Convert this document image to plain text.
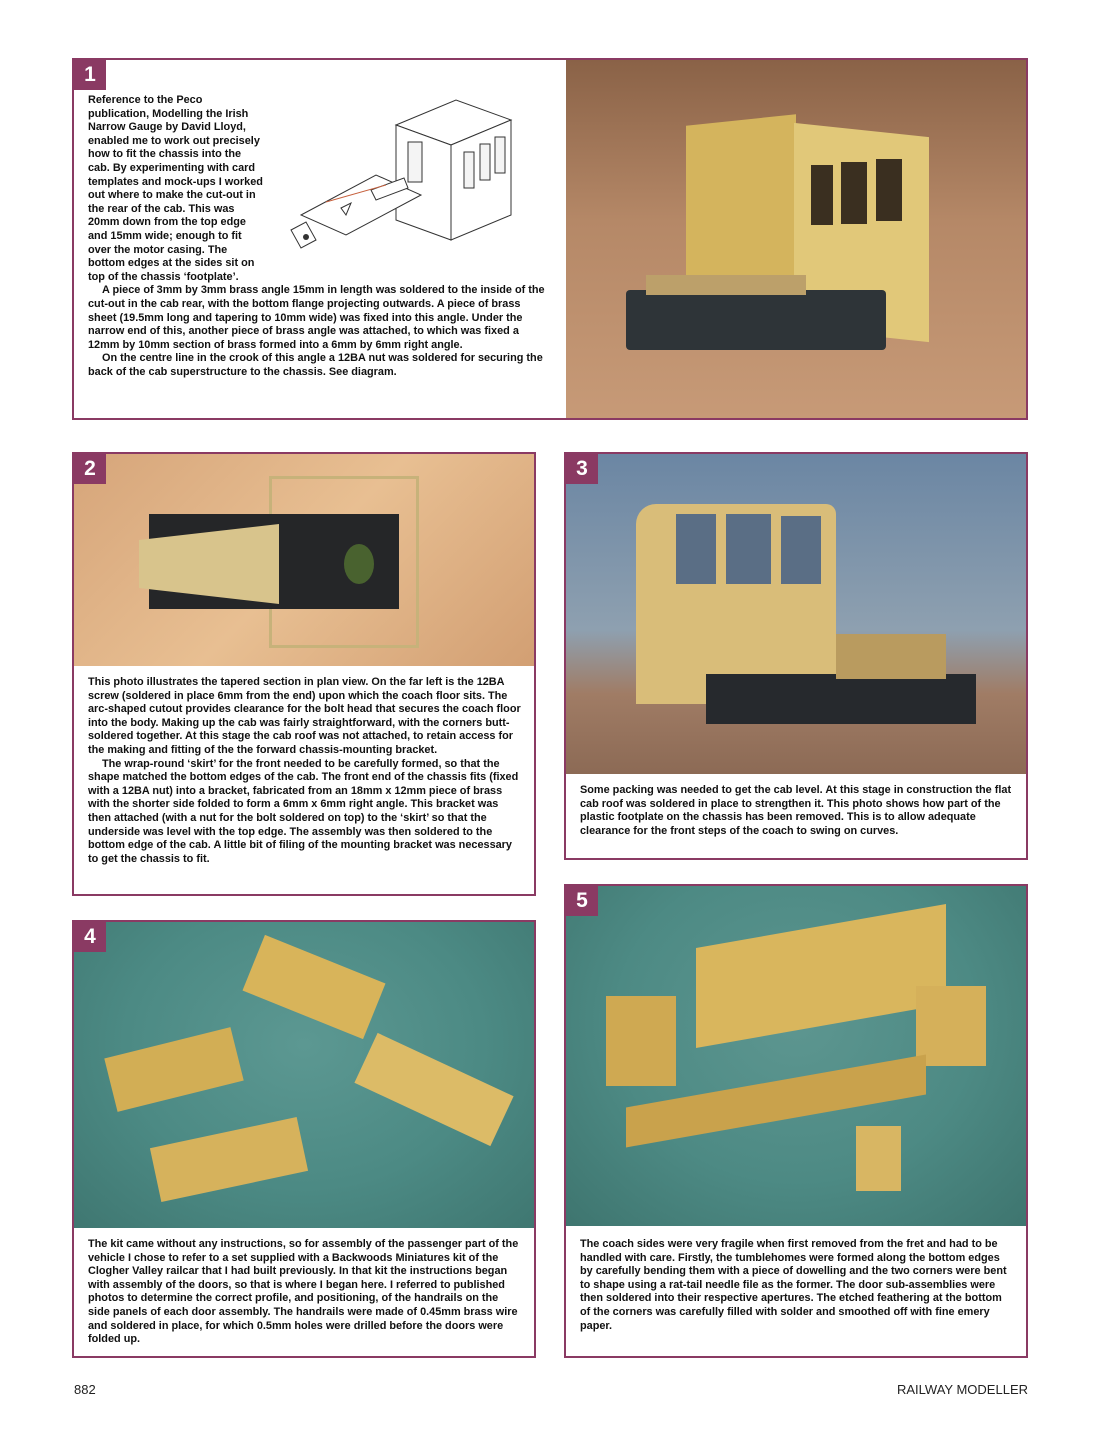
1

Reference to the Peco publication, Modelling the Irish Narrow Gauge by David Lloyd, enabled me to work out precisely how to fit the chassis into the cab. By experimenting with card templates and mock-ups I worked out where to make the cut-out in the rear of the cab. This was 20mm down from the top edge and 15mm wide; enough to fit over the motor casing. The bottom edges at the sides sit on top of the chassis ‘footplate’.

A piece of 3mm by 3mm brass angle 15mm in length was soldered to the inside of the cut-out in the cab rear, with the bottom flange projecting outwards. A piece of brass sheet (19.5mm long and tapering to 10mm wide) was fixed into this angle. Under the narrow end of this, another piece of brass angle was attached, to which was fixed a 12mm by 10mm section of brass formed into a 6mm by 6mm right angle.

On the centre line in the crook of this angle a 12BA nut was soldered for securing the back of the cab superstructure to the chassis. See diagram.

2

This photo illustrates the tapered section in plan view. On the far left is the 12BA screw (soldered in place 6mm from the end) upon which the coach floor sits. The arc-shaped cutout provides clearance for the bolt head that secures the coach floor into the body. Making up the cab was fairly straightforward, with the corners butt-soldered together. At this stage the cab roof was not attached, to retain access for the making and fitting of the the forward chassis-mounting bracket.

The wrap-round ‘skirt’ for the front needed to be carefully formed, so that the shape matched the bottom edges of the cab. The front end of the chassis fits (fixed with a 12BA nut) into a bracket, fabricated from an 18mm x 12mm piece of brass with the shorter side folded to form a 6mm x 6mm right angle. This bracket was then attached (with a nut for the bolt soldered on top) to the ‘skirt’ so that the underside was level with the top edge. The assembly was then soldered to the bottom edge of the cab. A little bit of filing of the mounting bracket was necessary to get the chassis to fit.

3

Some packing was needed to get the cab level. At this stage in construction the flat cab roof was soldered in place to strengthen it. This photo shows how part of the plastic footplate on the chassis has been removed. This is to allow adequate clearance for the front steps of the coach to swing on curves.

4

The kit came without any instructions, so for assembly of the passenger part of the vehicle I chose to refer to a set supplied with a Backwoods Miniatures kit of the Clogher Valley railcar that I had built previously. In that kit the instructions began with assembly of the doors, so that is where I began here. I referred to published photos to determine the correct profile, and positioning, of the handrails on the side panels of each door assembly. The handrails were made of 0.45mm brass wire and soldered in place, for which 0.5mm holes were drilled before the doors were folded up.

5

The coach sides were very fragile when first removed from the fret and had to be handled with care. Firstly, the tumblehomes were formed along the bottom edges by carefully bending them with a piece of dowelling and the two corners were bent to shape using a rat-tail needle file as the former. The door sub-assemblies were then soldered into their respective apertures. The etched feathering at the bottom of the corners was carefully filled with solder and smoothed off with fine emery paper.

882	RAILWAY MODELLER
